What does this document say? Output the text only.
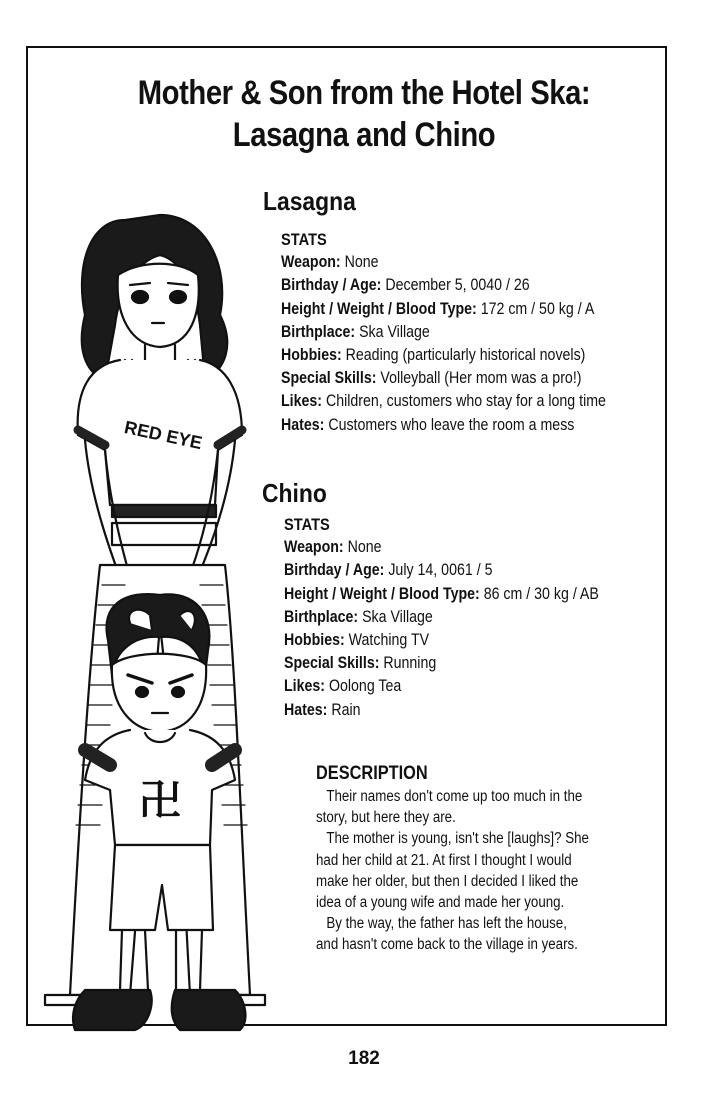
Mother & Son from the Hotel Ska:
Lasagna and Chino
RED EYE
卍
Lasagna
STATS
Weapon: None
Birthday / Age: December 5, 0040 / 26
Height / Weight / Blood Type: 172 cm / 50 kg / A
Birthplace: Ska Village
Hobbies: Reading (particularly historical novels)
Special Skills: Volleyball (Her mom was a pro!)
Likes: Children, customers who stay for a long time
Hates: Customers who leave the room a mess
Chino
STATS
Weapon: None
Birthday / Age: July 14, 0061 / 5
Height / Weight / Blood Type: 86 cm / 30 kg / AB
Birthplace: Ska Village
Hobbies: Watching TV
Special Skills: Running
Likes: Oolong Tea
Hates: Rain
DESCRIPTION

Their names don't come up too much in the

story, but here they are.

The mother is young, isn't she [laughs]? She

had her child at 21. At first I thought I would

make her older, but then I decided I liked the

idea of a young wife and made her young.

By the way, the father has left the house,

and hasn't come back to the village in years.

182
